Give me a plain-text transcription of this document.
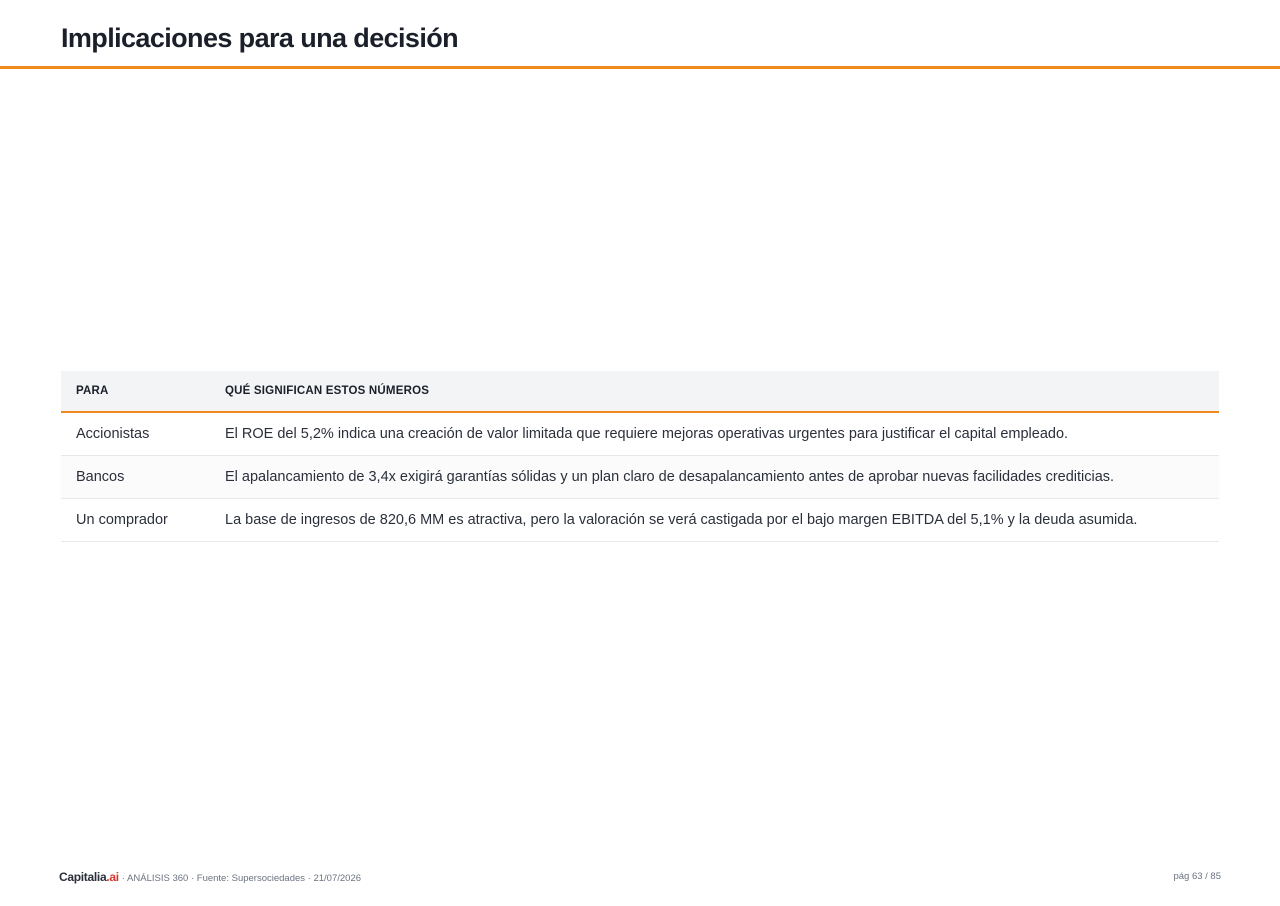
Implicaciones para una decisión
PARA	QUÉ SIGNIFICAN ESTOS NÚMEROS
Accionistas	El ROE del 5,2% indica una creación de valor limitada que requiere mejoras operativas urgentes para justificar el capital empleado.
Bancos	El apalancamiento de 3,4x exigirá garantías sólidas y un plan claro de desapalancamiento antes de aprobar nuevas facilidades crediticias.
Un comprador	La base de ingresos de 820,6 MM es atractiva, pero la valoración se verá castigada por el bajo margen EBITDA del 5,1% y la deuda asumida.
Capitalia.ai · ANÁLISIS 360 · Fuente: Supersociedades · 21/07/2026	pág 63 / 85
